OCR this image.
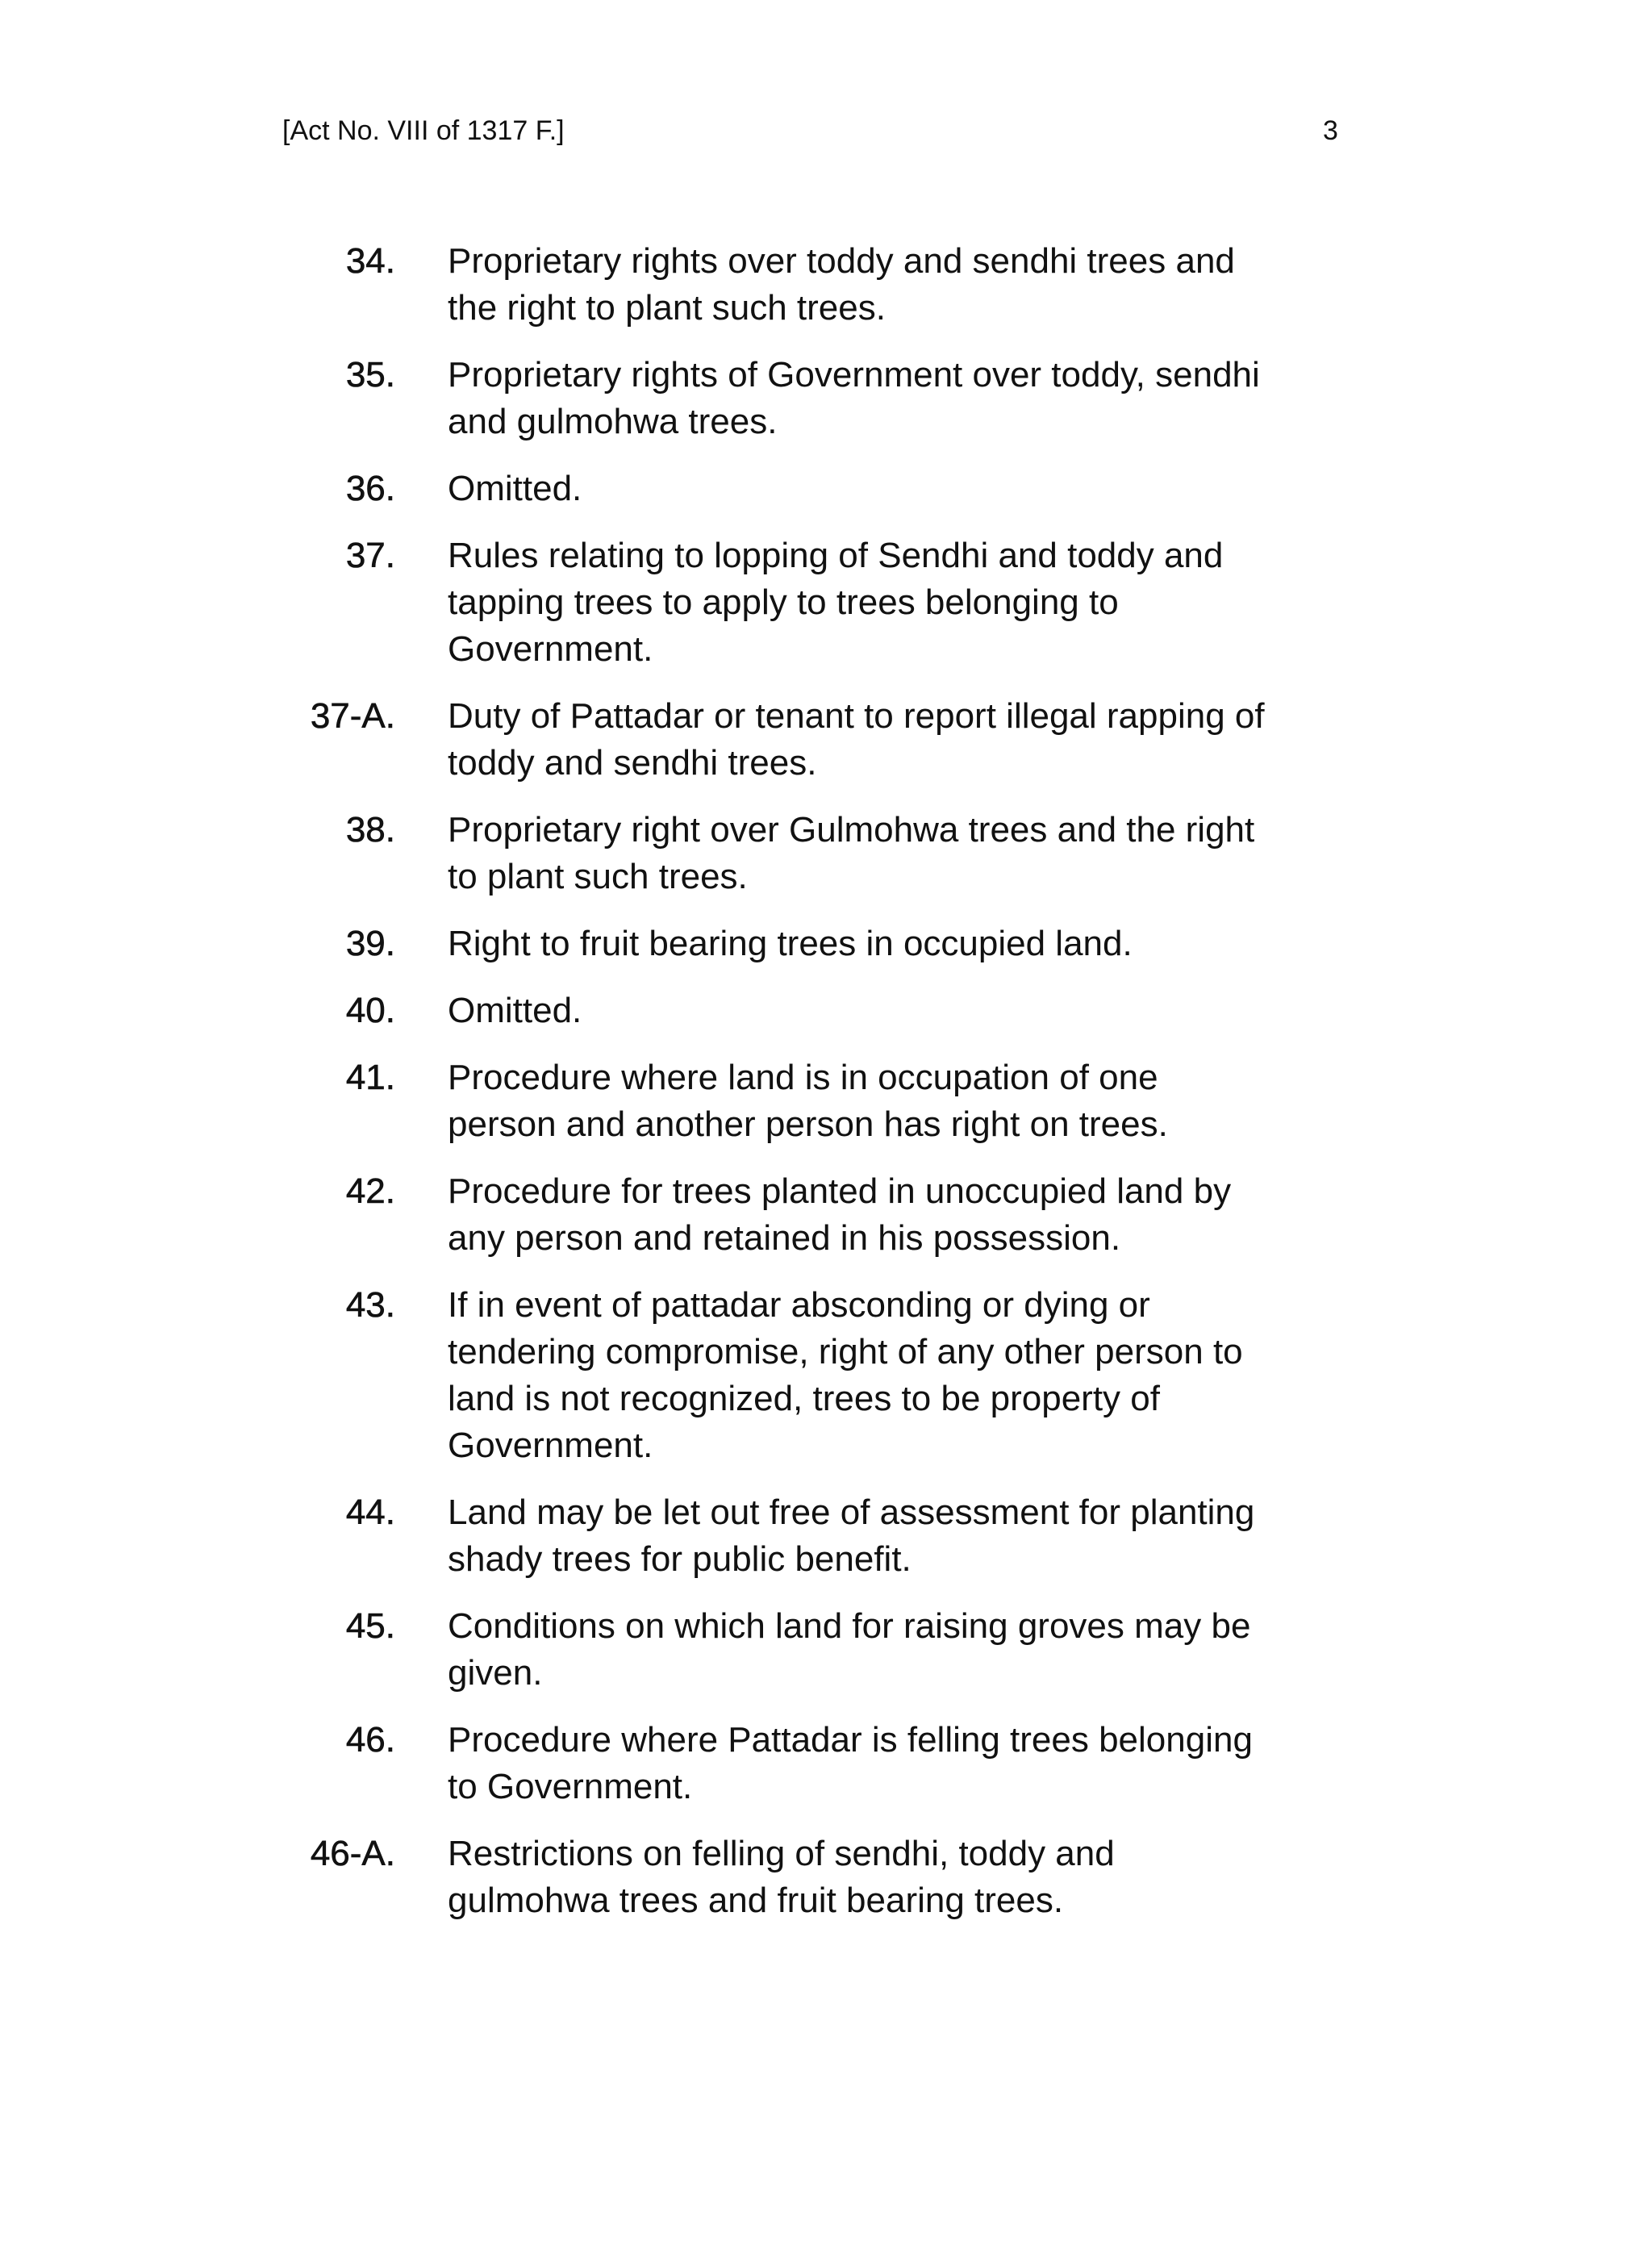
[Act No. VIII of 1317 F.]	3
34. Proprietary rights over toddy and sendhi trees and
the right to plant such trees.
35. Proprietary rights of Government over toddy, sendhi
and gulmohwa trees.
36. Omitted.
37. Rules relating to lopping of Sendhi and toddy and
tapping trees to apply to trees belonging to
Government.
37-A. Duty of Pattadar or tenant to report illegal rapping of
toddy and sendhi trees.
38. Proprietary right over Gulmohwa trees and the right
to plant such trees.
39. Right to fruit bearing trees in occupied land.
40. Omitted.
41. Procedure where land is in occupation of one
person and another person has right on trees.
42. Procedure for trees planted in unoccupied land by
any person and retained in his possession.
43. If in event of pattadar absconding or dying or
tendering compromise, right of any other person to
land is not recognized, trees to be property of
Government.
44. Land may be let out free of assessment for planting
shady trees for public benefit.
45. Conditions on which land for raising groves may be
given.
46. Procedure where Pattadar is felling trees belonging
to Government.
46-A. Restrictions on felling of sendhi, toddy and
gulmohwa trees and fruit bearing trees.
